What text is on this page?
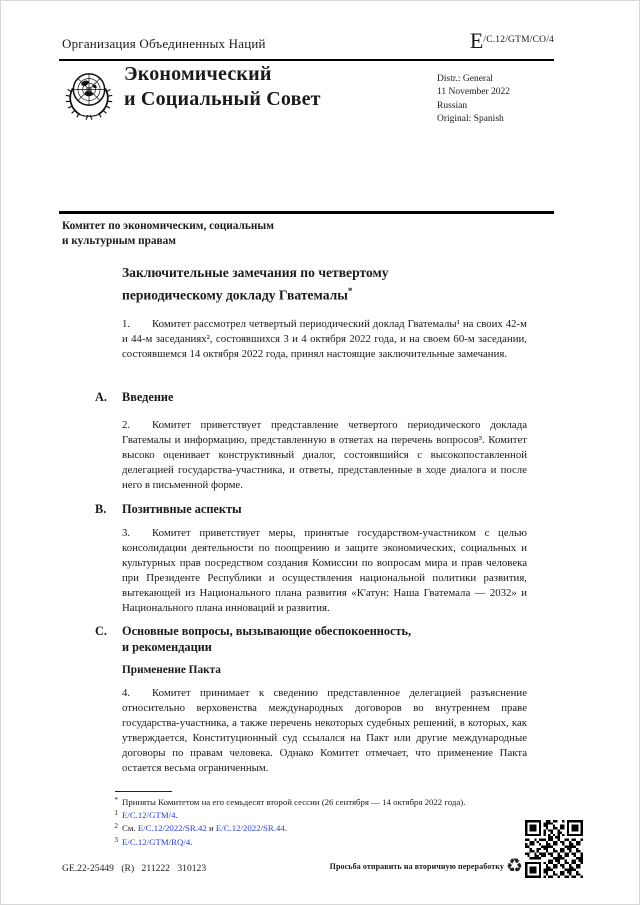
Организация Объединенных Наций	$E^{/C.12/GTM/CO/4}$
Экономический
и Социальный Совет
Distr.: General
11 November 2022
Russian
Original: Spanish
Комитет по экономическим, социальным
и культурным правам
Заключительные замечания по четвертому
периодическому докладу Гватемалы*
1. Комитет рассмотрел четвертый периодический доклад Гватемалы¹ на своих 42-м и 44-м заседаниях², состоявшихся 3 и 4 октября 2022 года, и на своем 60-м заседании, состоявшемся 14 октября 2022 года, принял настоящие заключительные замечания.
A. Введение
2. Комитет приветствует представление четвертого периодического доклада Гватемалы и информацию, представленную в ответах на перечень вопросов³. Комитет высоко оценивает конструктивный диалог, состоявшийся с высокопоставленной делегацией государства-участника, и ответы, представленные в ходе диалога и после него в письменной форме.
B. Позитивные аспекты
3. Комитет приветствует меры, принятые государством-участником с целью консолидации деятельности по поощрению и защите экономических, социальных и культурных прав посредством создания Комиссии по вопросам мира и прав человека при Президенте Республики и осуществления национальной политики развития, вытекающей из Национального плана развития «К'атун: Наша Гватемала — 2032» и Национального плана инноваций и развития.
C. Основные вопросы, вызывающие обеспокоенность,
и рекомендации
Применение Пакта
4. Комитет принимает к сведению представленное делегацией разъяснение относительно верховенства международных договоров во внутреннем праве государства-участника, а также перечень некоторых судебных решений, в которых, как утверждается, Конституционный суд ссылался на Пакт или другие международные договоры по правам человека. Однако Комитет отмечает, что применение Пакта остается весьма ограниченным.
* Приняты Комитетом на его семьдесят второй сессии (26 сентября — 14 октября 2022 года).
1 E/C.12/GTM/4.
2 См. E/C.12/2022/SR.42 и E/C.12/2022/SR.44.
3 E/C.12/GTM/RQ/4.
GE.22-25449 (R) 211222 310123	Просьба отправить на вторичную переработку ♻
